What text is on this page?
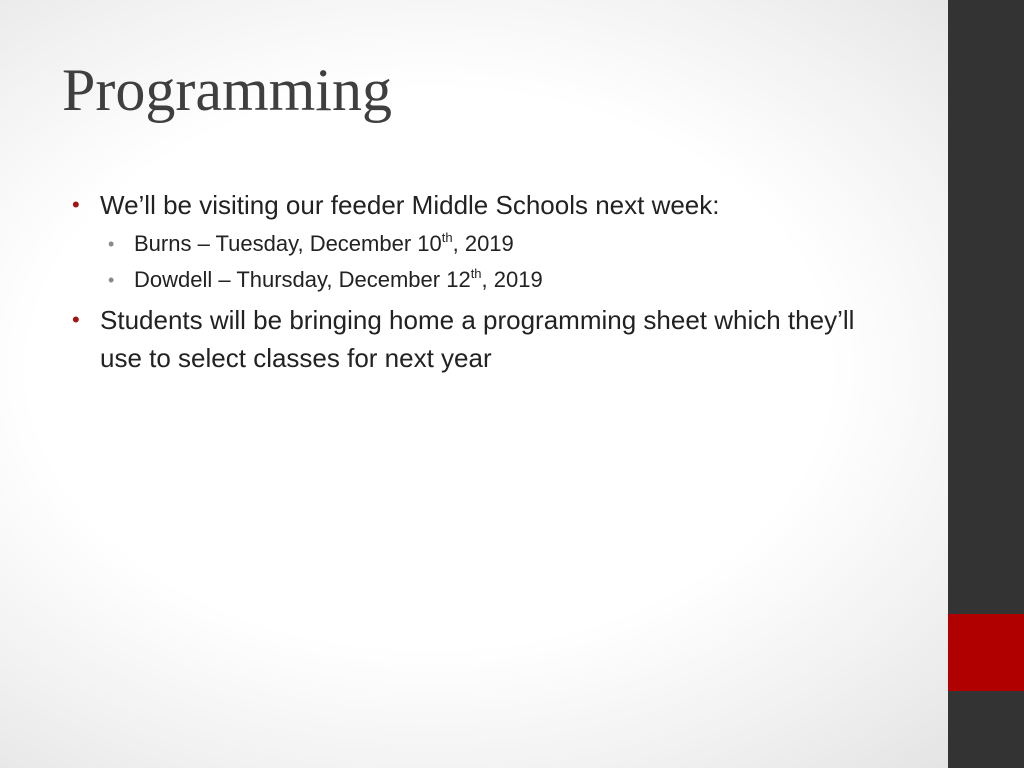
Programming
• We’ll be visiting our feeder Middle Schools next week:
• Burns – Tuesday, December 10th, 2019
• Dowdell – Thursday, December 12th, 2019
• Students will be bringing home a programming sheet which they’ll use to select classes for next year
